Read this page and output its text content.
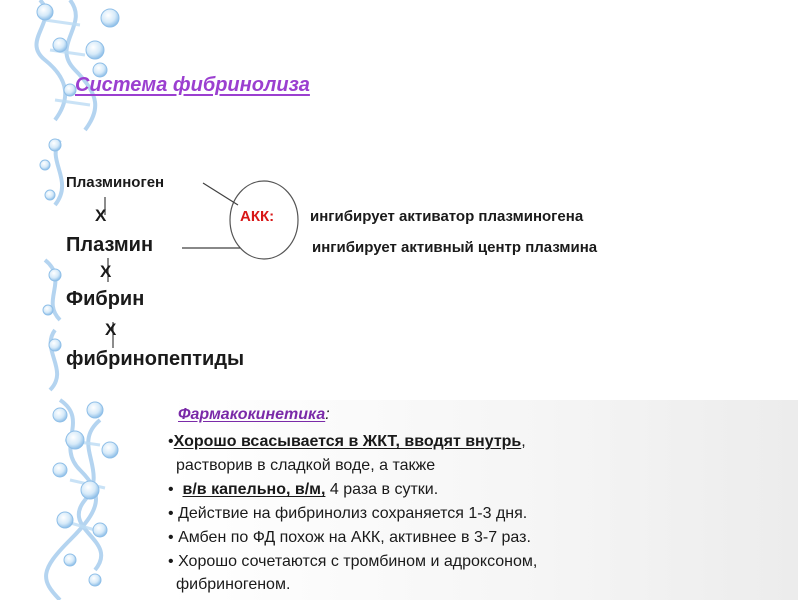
Система фибринолиза
Плазминоген
Х
Плазмин
Х
Фибрин
Х
фибринопептиды
АКК: ингибирует активатор плазминогена
ингибирует активный центр плазмина
Фармакокинетика:
•Хорошо всасывается в ЖКТ, вводят внутрь,
растворив в сладкой воде, а также
• в/в капельно, в/м, 4 раза в сутки.
• Действие на фибринолиз сохраняется 1-3 дня.
• Амбен по ФД похож на АКК, активнее в 3-7 раз.
• Хорошо сочетаются с тромбином и адроксоном,
фибриногеном.
